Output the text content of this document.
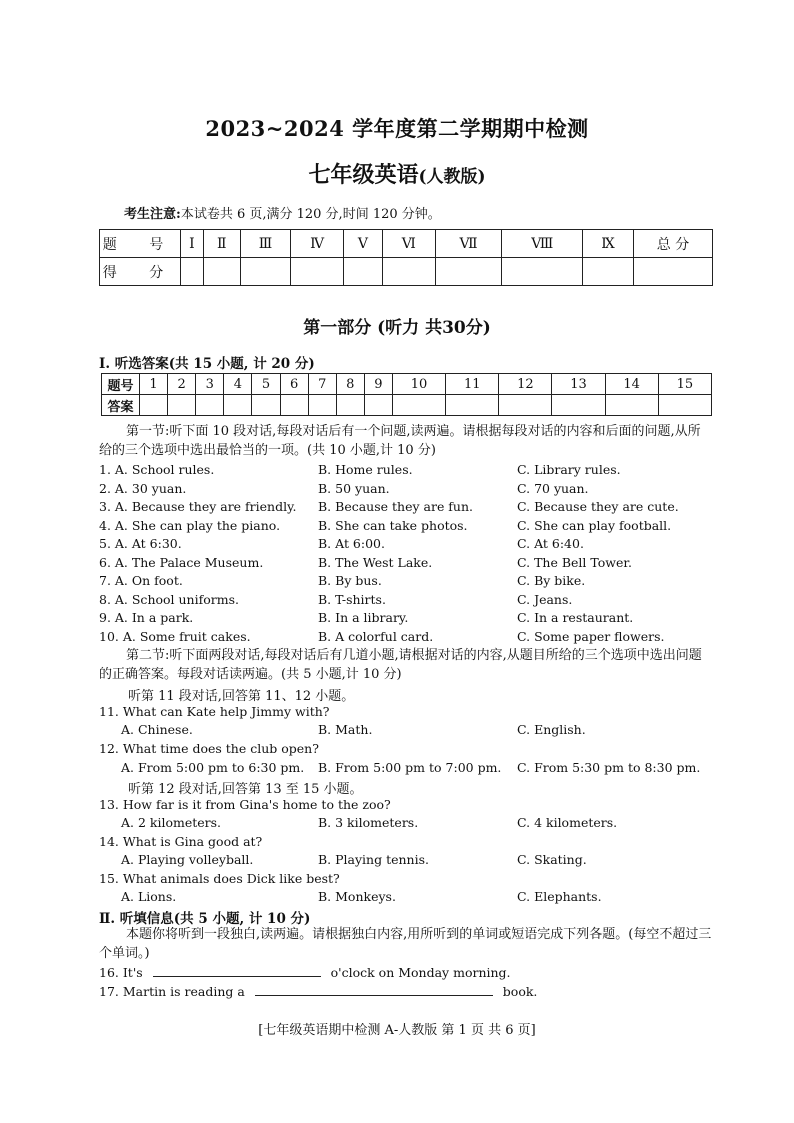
2023~2024 学年度第二学期期中检测
七年级英语(人教版)
考生注意:本试卷共 6 页,满分 120 分,时间 120 分钟。
题 号	I	Ⅱ	Ⅲ	Ⅳ	Ⅴ	Ⅵ	Ⅶ	Ⅷ	Ⅸ	总 分
得 分										
第一部分 (听力 共30分)
Ⅰ. 听选答案(共 15 小题, 计 20 分)
题号	1	2	3	4	5	6	7	8	9	10	11	12	13	14	15
答案															
第一节:听下面 10 段对话,每段对话后有一个问题,读两遍。请根据每段对话的内容和后面的问题,从所给的三个选项中选出最恰当的一项。(共 10 小题,计 10 分)
1. A. School rules.	B. Home rules.	C. Library rules.
2. A. 30 yuan.	B. 50 yuan.	C. 70 yuan.
3. A. Because they are friendly. B. Because they are fun.	C. Because they are cute.
4. A. She can play the piano.	B. She can take photos.	C. She can play football.
5. A. At 6:30.	B. At 6:00.	C. At 6:40.
6. A. The Palace Museum.	B. The West Lake.	C. The Bell Tower.
7. A. On foot.	B. By bus.	C. By bike.
8. A. School uniforms.	B. T-shirts.	C. Jeans.
9. A. In a park.	B. In a library.	C. In a restaurant.
10. A. Some fruit cakes.	B. A colorful card.	C. Some paper flowers.
第二节:听下面两段对话,每段对话后有几道小题,请根据对话的内容,从题目所给的三个选项中选出问题的正确答案。每段对话读两遍。(共 5 小题,计 10 分)
听第 11 段对话,回答第 11、12 小题。
11. What can Kate help Jimmy with?
A. Chinese.	B. Math.	C. English.
12. What time does the club open?
A. From 5:00 pm to 6:30 pm. B. From 5:00 pm to 7:00 pm. C. From 5:30 pm to 8:30 pm.
听第 12 段对话,回答第 13 至 15 小题。
13. How far is it from Gina's home to the zoo?
A. 2 kilometers.	B. 3 kilometers.	C. 4 kilometers.
14. What is Gina good at?
A. Playing volleyball.	B. Playing tennis.	C. Skating.
15. What animals does Dick like best?
A. Lions.	B. Monkeys.	C. Elephants.
Ⅱ. 听填信息(共 5 小题, 计 10 分)
本题你将听到一段独白,读两遍。请根据独白内容,用所听到的单词或短语完成下列各题。(每空不超过三个单词。)
16. It's	o'clock on Monday morning.
17. Martin is reading a	book.
[七年级英语期中检测 A-人教版 第 1 页 共 6 页]
